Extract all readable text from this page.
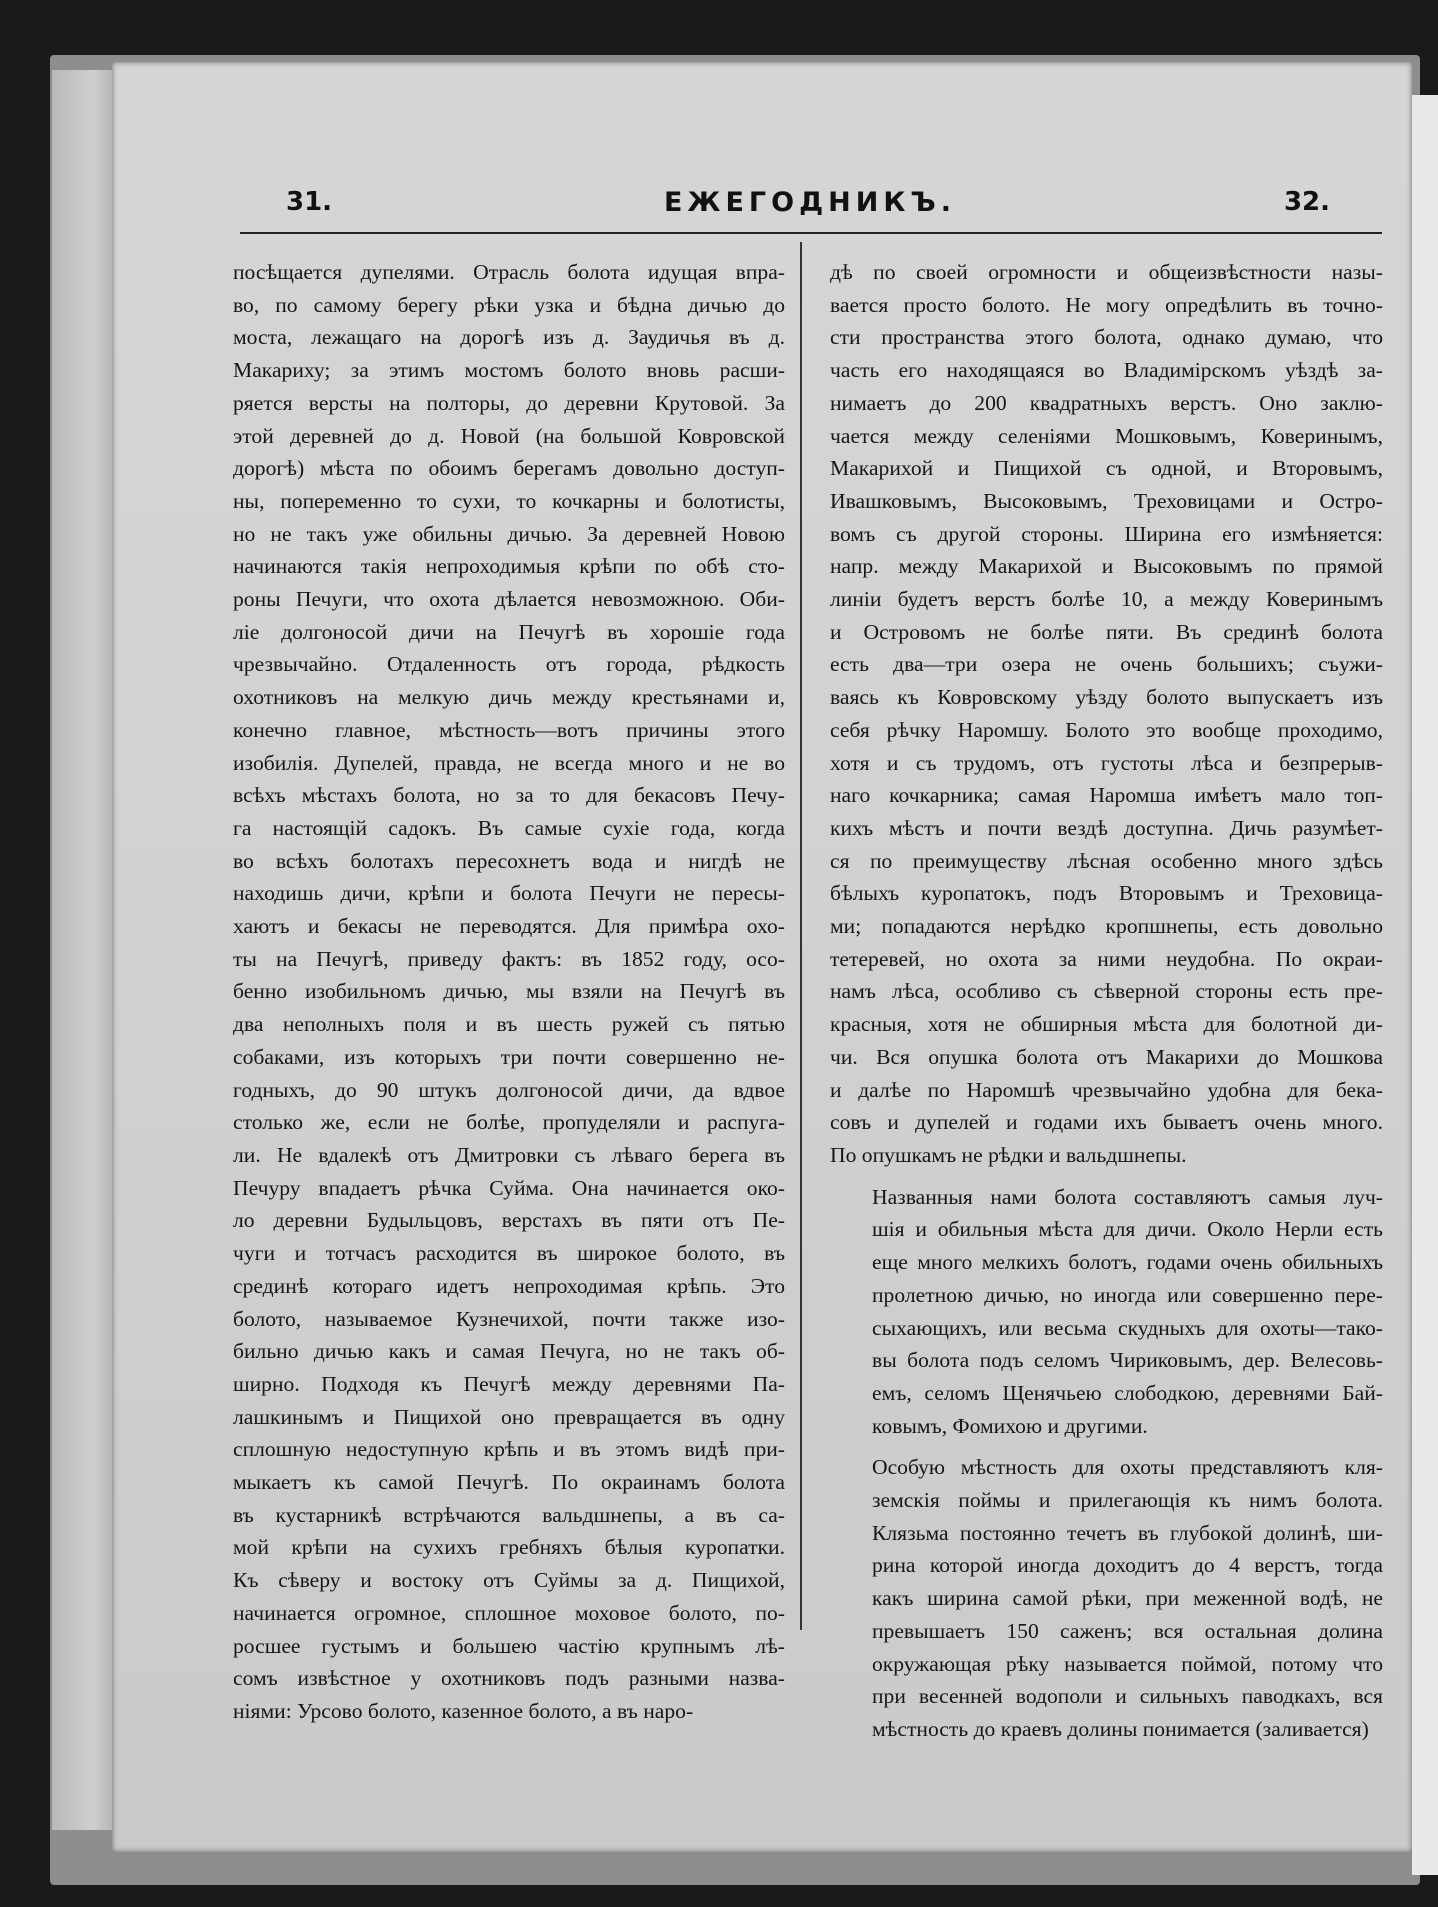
31.	ЕЖЕГОДНИКЪ.	32.
посѣщается дупелями. Отрасль болота идущая впра-
во, по самому берегу рѣки узка и бѣдна дичью до
моста, лежащаго на дорогѣ изъ д. Заудичья въ д.
Макариху; за этимъ мостомъ болото вновь расши-
ряется версты на полторы, до деревни Крутовой. За
этой деревней до д. Новой (на большой Ковровской
дорогѣ) мѣста по обоимъ берегамъ довольно доступ-
ны, попеременно то сухи, то кочкарны и болотисты,
но не такъ уже обильны дичью. За деревней Новою
начинаются такія непроходимыя крѣпи по обѣ сто-
роны Печуги, что охота дѣлается невозможною. Оби-
ліе долгоносой дичи на Печугѣ въ хорошіе года
чрезвычайно. Отдаленность отъ города, рѣдкость
охотниковъ на мелкую дичь между крестьянами и,
конечно главное, мѣстность—вотъ причины этого
изобилія. Дупелей, правда, не всегда много и не во
всѣхъ мѣстахъ болота, но за то для бекасовъ Печу-
га настоящій садокъ. Въ самые сухіе года, когда
во всѣхъ болотахъ пересохнетъ вода и нигдѣ не
находишь дичи, крѣпи и болота Печуги не пересы-
хаютъ и бекасы не переводятся. Для примѣра охо-
ты на Печугѣ, приведу фактъ: въ 1852 году, осо-
бенно изобильномъ дичью, мы взяли на Печугѣ въ
два неполныхъ поля и въ шесть ружей съ пятью
собаками, изъ которыхъ три почти совершенно не-
годныхъ, до 90 штукъ долгоносой дичи, да вдвое
столько же, если не болѣе, пропуделяли и распуга-
ли. Не вдалекѣ отъ Дмитровки съ лѣваго берега въ
Печуру впадаетъ рѣчка Суйма. Она начинается око-
ло деревни Будыльцовъ, верстахъ въ пяти отъ Пе-
чуги и тотчасъ расходится въ широкое болото, въ
срединѣ котораго идетъ непроходимая крѣпь. Это
болото, называемое Кузнечихой, почти также изо-
бильно дичью какъ и самая Печуга, но не такъ об-
ширно. Подходя къ Печугѣ между деревнями Па-
лашкинымъ и Пищихой оно превращается въ одну
сплошную недоступную крѣпь и въ этомъ видѣ при-
мыкаетъ къ самой Печугѣ. По окраинамъ болота
въ кустарникѣ встрѣчаются вальдшнепы, а въ са-
мой крѣпи на сухихъ гребняхъ бѣлыя куропатки.
Къ сѣверу и востоку отъ Суймы за д. Пищихой,
начинается огромное, сплошное моховое болото, по-
росшее густымъ и большею частію крупнымъ лѣ-
сомъ извѣстное у охотниковъ подъ разными назва-
ніями: Урсово болото, казенное болото, а въ наро-
дѣ по своей огромности и общеизвѣстности назы-
вается просто болото. Не могу опредѣлить въ точно-
сти пространства этого болота, однако думаю, что
часть его находящаяся во Владимірскомъ уѣздѣ за-
нимаетъ до 200 квадратныхъ верстъ. Оно заклю-
чается между селеніями Мошковымъ, Коверинымъ,
Макарихой и Пищихой съ одной, и Второвымъ,
Ивашковымъ, Высоковымъ, Треховицами и Остро-
вомъ съ другой стороны. Ширина его измѣняется:
напр. между Макарихой и Высоковымъ по прямой
линіи будетъ верстъ болѣе 10, а между Коверинымъ
и Островомъ не болѣе пяти. Въ срединѣ болота
есть два—три озера не очень большихъ; съужи-
ваясь къ Ковровскому уѣзду болото выпускаетъ изъ
себя рѣчку Наромшу. Болото это вообще проходимо,
хотя и съ трудомъ, отъ густоты лѣса и безпрерыв-
наго кочкарника; самая Наромша имѣетъ мало топ-
кихъ мѣстъ и почти вездѣ доступна. Дичь разумѣет-
ся по преимуществу лѣсная особенно много здѣсь
бѣлыхъ куропатокъ, подъ Второвымъ и Треховица-
ми; попадаются нерѣдко кропшнепы, есть довольно
тетеревей, но охота за ними неудобна. По окраи-
намъ лѣса, особливо съ сѣверной стороны есть пре-
красныя, хотя не обширныя мѣста для болотной ди-
чи. Вся опушка болота отъ Макарихи до Мошкова
и далѣе по Наромшѣ чрезвычайно удобна для бека-
совъ и дупелей и годами ихъ бываетъ очень много.
По опушкамъ не рѣдки и вальдшнепы.
Названныя нами болота составляютъ самыя луч-
шія и обильныя мѣста для дичи. Около Нерли есть
еще много мелкихъ болотъ, годами очень обильныхъ
пролетною дичью, но иногда или совершенно пере-
сыхающихъ, или весьма скудныхъ для охоты—тако-
вы болота подъ селомъ Чириковымъ, дер. Велесовь-
емъ, селомъ Щенячьею слободкою, деревнями Бай-
ковымъ, Фомихою и другими.
Особую мѣстность для охоты представляютъ кля-
земскія поймы и прилегающія къ нимъ болота.
Клязьма постоянно течетъ въ глубокой долинѣ, ши-
рина которой иногда доходитъ до 4 верстъ, тогда
какъ ширина самой рѣки, при меженной водѣ, не
превышаетъ 150 саженъ; вся остальная долина
окружающая рѣку называется поймой, потому что
при весенней водополи и сильныхъ паводкахъ, вся
мѣстность до краевъ долины понимается (заливается)
